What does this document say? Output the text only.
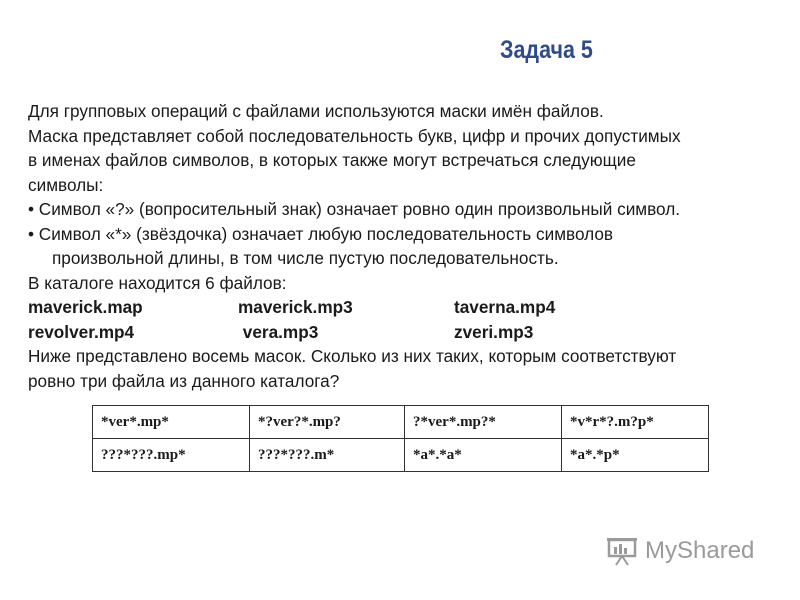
Задача 5

Для групповых операций с файлами используются маски имён файлов.

Маска представляет собой последовательность букв, цифр и прочих допустимых

в именах файлов символов, в которых также могут встречаться следующие

символы:

• Символ «?» (вопросительный знак) означает ровно один произвольный символ.

• Символ «*» (звёздочка) означает любую последовательность символов

произвольной длины, в том числе пустую последовательность.

В каталоге находится 6 файлов:

maverick.map	maverick.mp3	taverna.mp4
revolver.mp4	vera.mp3	zveri.mp3

Ниже представлено восемь масок. Сколько из них таких, которым соответствуют

ровно три файла из данного каталога?

*ver*.mp*	*?ver?*.mp?	?*ver*.mp?*	*v*r*?.m?p*
???*???.mp*	???*???.m*	*a*.*a*	*a*.*p*
MyShared
